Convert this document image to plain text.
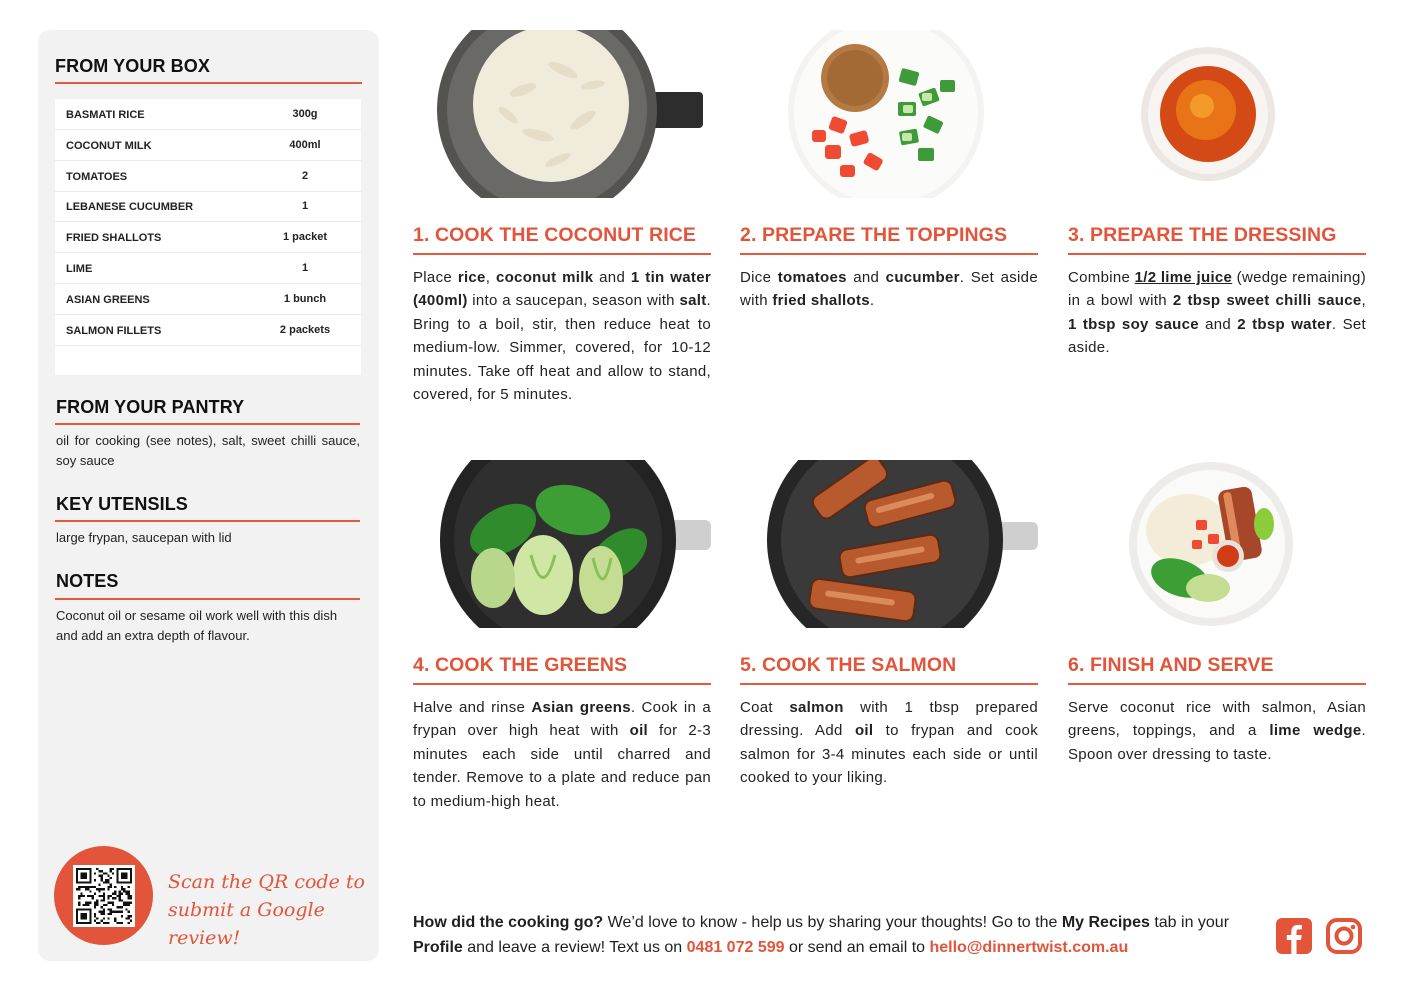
FROM YOUR BOX
BASMATI RICE	300g
COCONUT MILK	400ml
TOMATOES	2
LEBANESE CUCUMBER	1
FRIED SHALLOTS	1 packet
LIME	1
ASIAN GREENS	1 bunch
SALMON FILLETS	2 packets
FROM YOUR PANTRY
oil for cooking (see notes), salt, sweet chilli sauce, soy sauce
KEY UTENSILS
large frypan, saucepan with lid
NOTES
Coconut oil or sesame oil work well with this dish and add an extra depth of flavour.
Scan the QR code to
submit a Google review!
1. COOK THE COCONUT RICE

Place rice, coconut milk and 1 tin water (400ml) into a saucepan, season with salt. Bring to a boil, stir, then reduce heat to medium-low. Simmer, covered, for 10-12 minutes. Take off heat and allow to stand, covered, for 5 minutes.

2. PREPARE THE TOPPINGS

Dice tomatoes and cucumber. Set aside with fried shallots.

3. PREPARE THE DRESSING

Combine 1/2 lime juice (wedge remaining) in a bowl with 2 tbsp sweet chilli sauce, 1 tbsp soy sauce and 2 tbsp water. Set aside.

4. COOK THE GREENS

Halve and rinse Asian greens. Cook in a frypan over high heat with oil for 2-3 minutes each side until charred and tender. Remove to a plate and reduce pan to medium-high heat.

5. COOK THE SALMON

Coat salmon with 1 tbsp prepared dressing. Add oil to frypan and cook salmon for 3-4 minutes each side or until cooked to your liking.

6. FINISH AND SERVE

Serve coconut rice with salmon, Asian greens, toppings, and a lime wedge. Spoon over dressing to taste.

How did the cooking go? We’d love to know - help us by sharing your thoughts! Go to the My Recipes tab in your Profile and leave a review! Text us on 0481 072 599 or send an email to hello@dinnertwist.com.au
